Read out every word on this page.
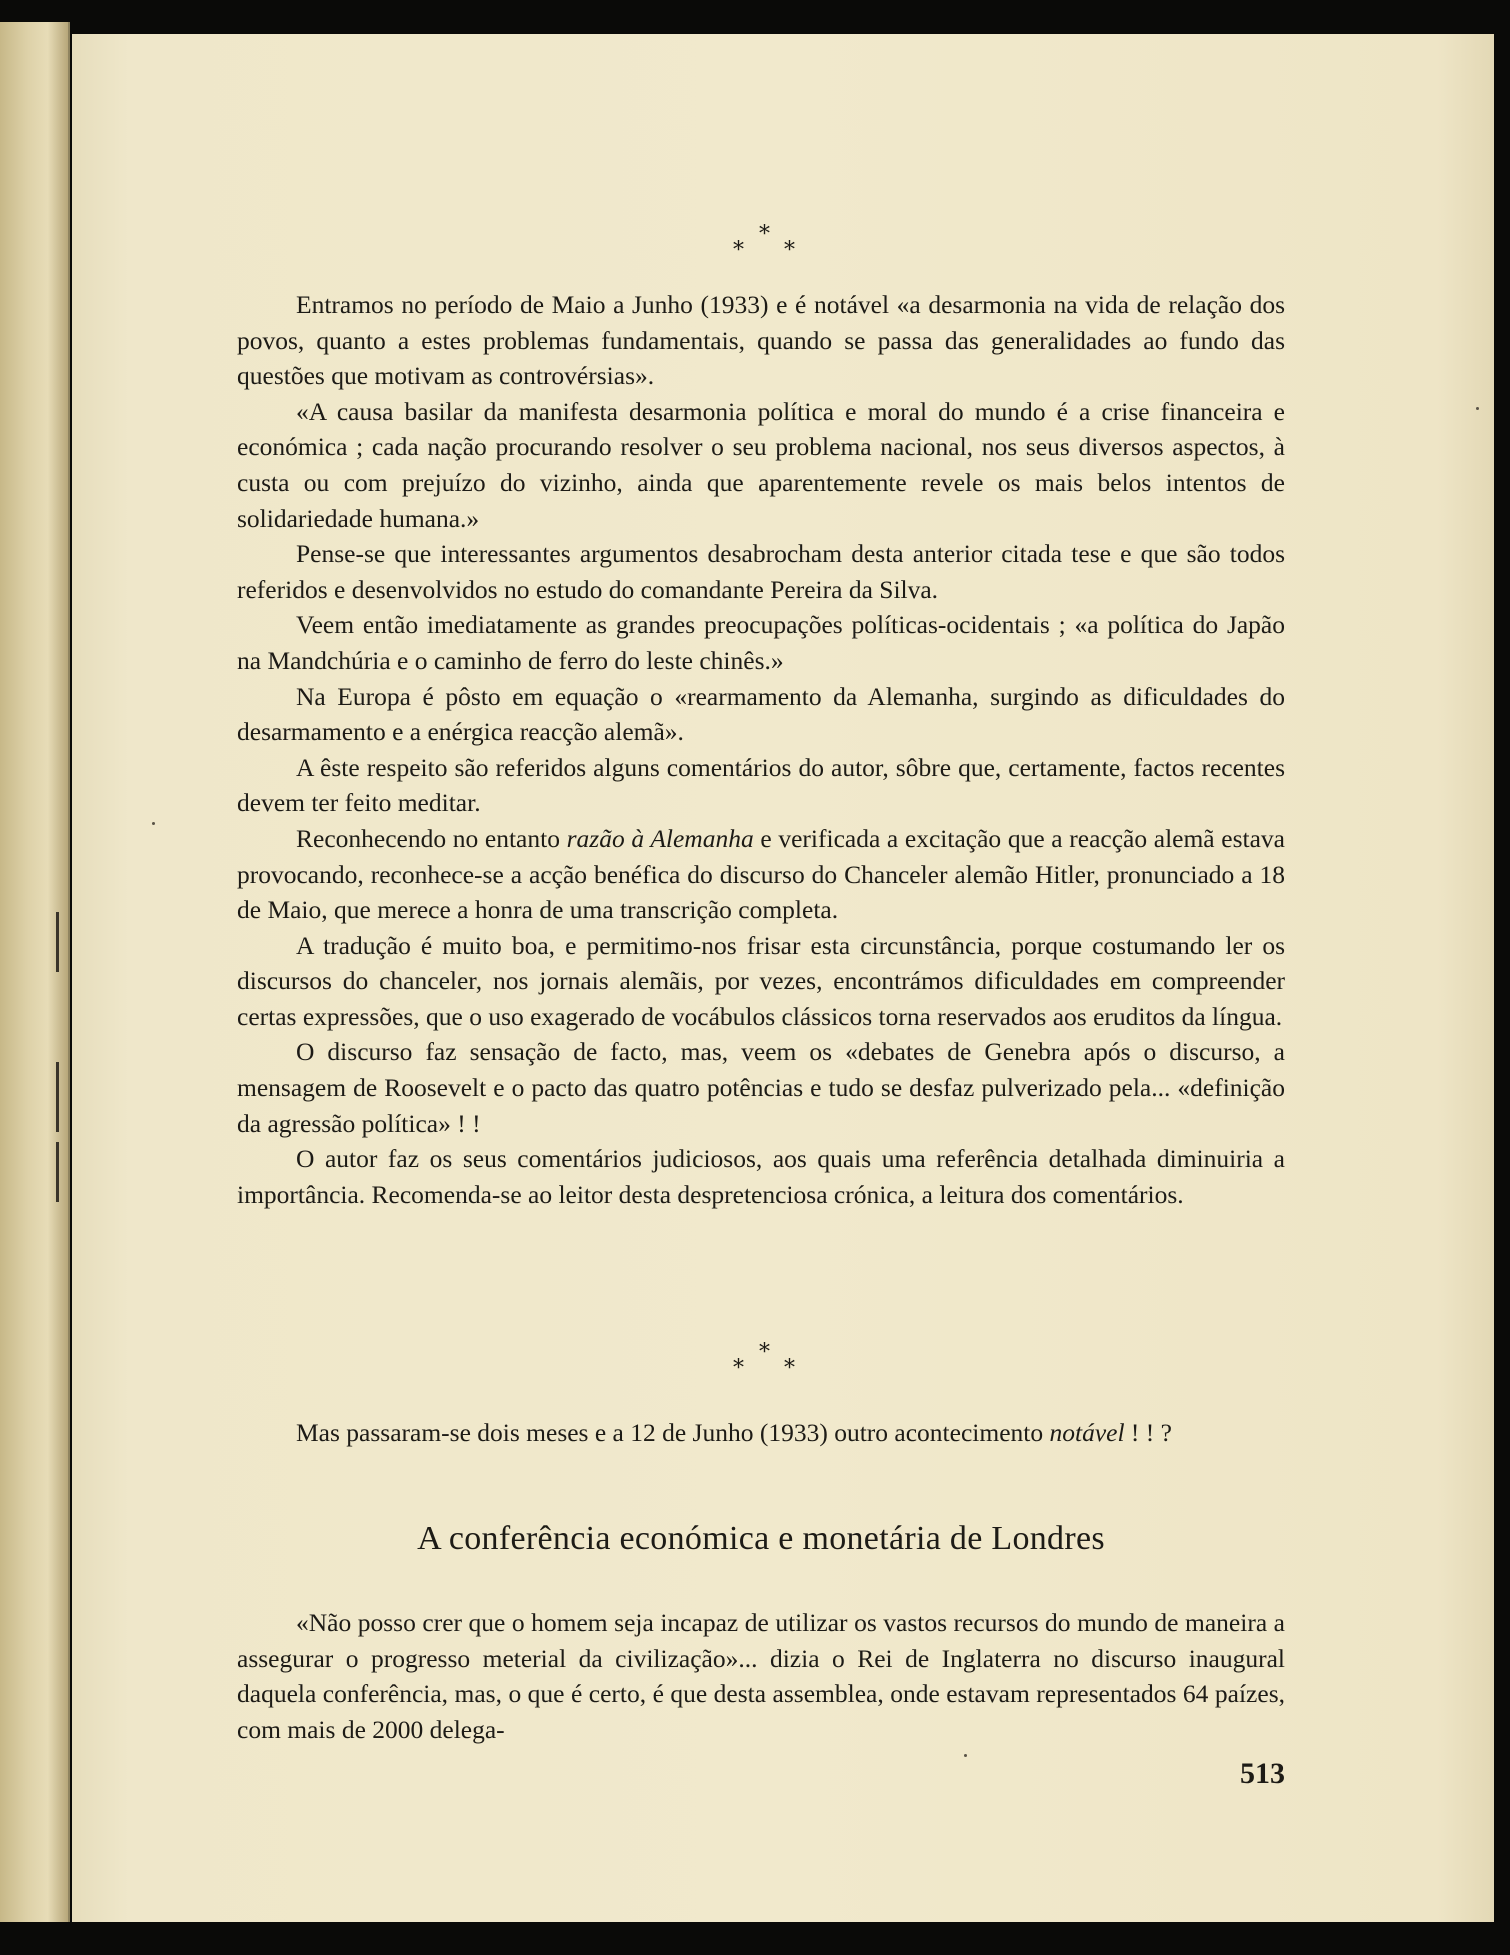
*
* *

Entramos no período de Maio a Junho (1933) e é notável «a desarmonia na vida de relação dos povos, quanto a estes problemas fundamentais, quando se passa das generalidades ao fundo das questões que motivam as controvérsias».

«A causa basilar da manifesta desarmonia política e moral do mundo é a crise financeira e económica ; cada nação procurando resolver o seu problema nacional, nos seus diversos aspectos, à custa ou com prejuízo do vizinho, ainda que aparentemente revele os mais belos intentos de solidariedade humana.»

Pense-se que interessantes argumentos desabrocham desta anterior citada tese e que são todos referidos e desenvolvidos no estudo do comandante Pereira da Silva.

Veem então imediatamente as grandes preocupações políticas-ocidentais ; «a política do Japão na Mandchúria e o caminho de ferro do leste chinês.»

Na Europa é pôsto em equação o «rearmamento da Alemanha, surgindo as dificuldades do desarmamento e a enérgica reacção alemã».

A êste respeito são referidos alguns comentários do autor, sôbre que, certamente, factos recentes devem ter feito meditar.

Reconhecendo no entanto razão à Alemanha e verificada a excitação que a reacção alemã estava provocando, reconhece-se a acção benéfica do discurso do Chanceler alemão Hitler, pronunciado a 18 de Maio, que merece a honra de uma transcrição completa.

A tradução é muito boa, e permitimo-nos frisar esta circunstância, porque costumando ler os discursos do chanceler, nos jornais alemãis, por vezes, encontrámos dificuldades em compreender certas expressões, que o uso exagerado de vocábulos clássicos torna reservados aos eruditos da língua.

O discurso faz sensação de facto, mas, veem os «debates de Genebra após o discurso, a mensagem de Roosevelt e o pacto das quatro potências e tudo se desfaz pulverizado pela... «definição da agressão política» ! !

O autor faz os seus comentários judiciosos, aos quais uma referência detalhada diminuiria a importância. Recomenda-se ao leitor desta despretenciosa crónica, a leitura dos comentários.

*
* *

Mas passaram-se dois meses e a 12 de Junho (1933) outro acontecimento notável ! ! ?

A conferência económica e monetária de Londres

«Não posso crer que o homem seja incapaz de utilizar os vastos recursos do mundo de maneira a assegurar o progresso meterial da civilização»... dizia o Rei de Inglaterra no discurso inaugural daquela conferência, mas, o que é certo, é que desta assemblea, onde estavam representados 64 paízes, com mais de 2000 delega-

513
